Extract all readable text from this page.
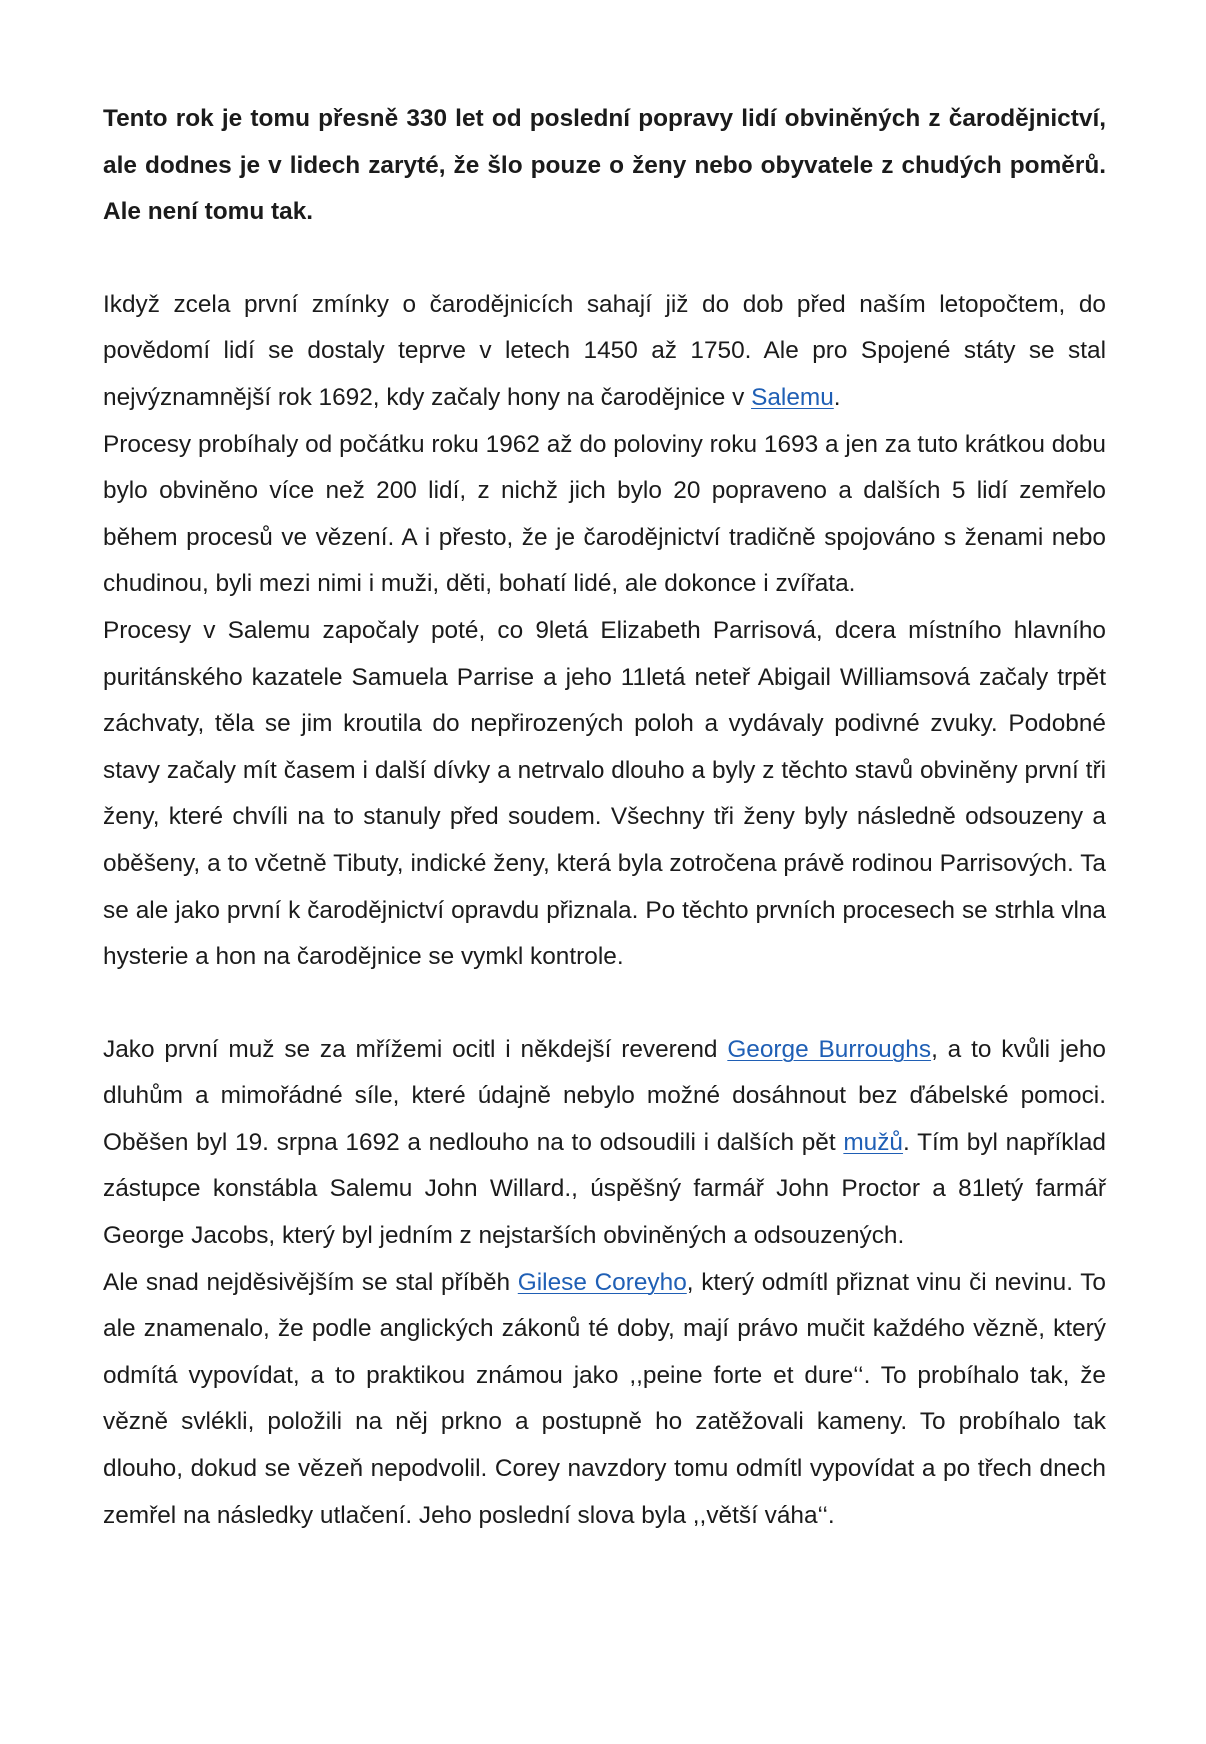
Tento rok je tomu přesně 330 let od poslední popravy lidí obviněných z čarodějnictví, ale dodnes je v lidech zaryté, že šlo pouze o ženy nebo obyvatele z chudých poměrů. Ale není tomu tak.

Ikdyž zcela první zmínky o čarodějnicích sahají již do dob před naším letopočtem, do povědomí lidí se dostaly teprve v letech 1450 až 1750. Ale pro Spojené státy se stal nejvýznamnější rok 1692, kdy začaly hony na čarodějnice v Salemu.

Procesy probíhaly od počátku roku 1962 až do poloviny roku 1693 a jen za tuto krátkou dobu bylo obviněno více než 200 lidí, z nichž jich bylo 20 popraveno a dalších 5 lidí zemřelo během procesů ve vězení. A i přesto, že je čarodějnictví tradičně spojováno s ženami nebo chudinou, byli mezi nimi i muži, děti, bohatí lidé, ale dokonce i zvířata.

Procesy v Salemu započaly poté, co 9letá Elizabeth Parrisová, dcera místního hlavního puritánského kazatele Samuela Parrise a jeho 11letá neteř Abigail Williamsová začaly trpět záchvaty, těla se jim kroutila do nepřirozených poloh a vydávaly podivné zvuky. Podobné stavy začaly mít časem i další dívky a netrvalo dlouho a byly z těchto stavů obviněny první tři ženy, které chvíli na to stanuly před soudem. Všechny tři ženy byly následně odsouzeny a oběšeny, a to včetně Tibuty, indické ženy, která byla zotročena právě rodinou Parrisových. Ta se ale jako první k čarodějnictví opravdu přiznala. Po těchto prvních procesech se strhla vlna hysterie a hon na čarodějnice se vymkl kontrole.

Jako první muž se za mřížemi ocitl i někdejší reverend George Burroughs, a to kvůli jeho dluhům a mimořádné síle, které údajně nebylo možné dosáhnout bez ďábelské pomoci. Oběšen byl 19. srpna 1692 a nedlouho na to odsoudili i dalších pět mužů. Tím byl například zástupce konstábla Salemu John Willard., úspěšný farmář John Proctor a 81letý farmář George Jacobs, který byl jedním z nejstarších obviněných a odsouzených.

Ale snad nejděsivějším se stal příběh Gilese Coreyho, který odmítl přiznat vinu či nevinu. To ale znamenalo, že podle anglických zákonů té doby, mají právo mučit každého vězně, který odmítá vypovídat, a to praktikou známou jako ,,peine forte et dure‘‘. To probíhalo tak, že vězně svlékli, položili na něj prkno a postupně ho zatěžovali kameny. To probíhalo tak dlouho, dokud se vězeň nepodvolil. Corey navzdory tomu odmítl vypovídat a po třech dnech zemřel na následky utlačení. Jeho poslední slova byla ,,větší váha‘‘.
